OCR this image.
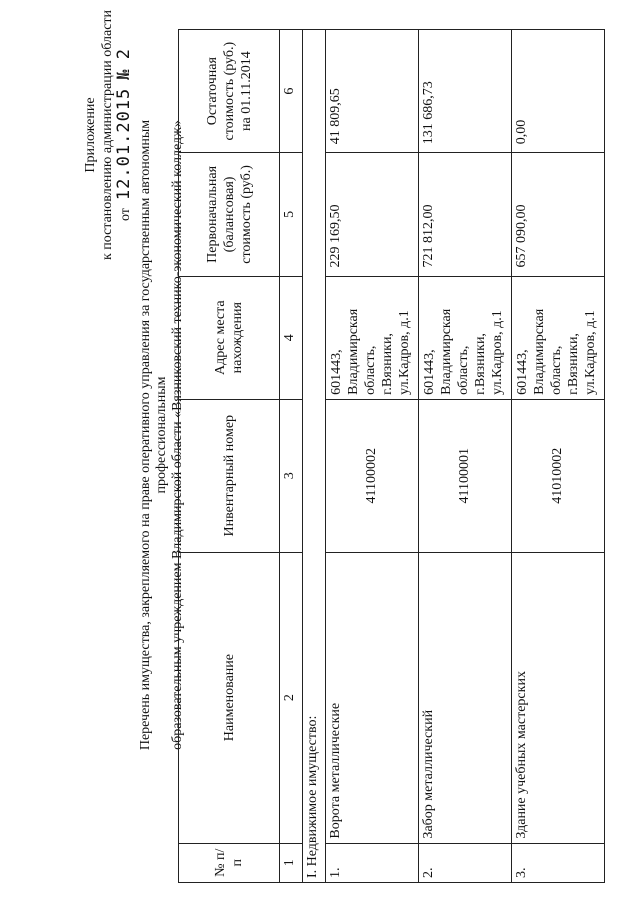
Приложение к постановлению администрации области от
12.01.2015
№ 2
Перечень имущества, закрепляемого на праве оперативного управления за государственным автономным профессиональным образовательным учреждением Владимирской области «Вязниковский технико-экономический колледж»
№ п/п	Наименование	Инвентарный номер	Адрес места нахождения	Первоначальная (балансовая) стоимость (руб.)	Остаточная стоимость (руб.) на 01.11.2014
1	2	3	4	5	6
I. Недвижимое имущество:					
1.	Ворота металлические	41100002	601443, Владимирская область, г.Вязники, ул.Кадров, д.1	229 169,50	41 809,65
2.	Забор металлический	41100001	601443, Владимирская область, г.Вязники, ул.Кадров, д.1	721 812,00	131 686,73
3.	Здание учебных мастерских	41010002	601443, Владимирская область, г.Вязники, ул.Кадров, д.1	657 090,00	0,00
